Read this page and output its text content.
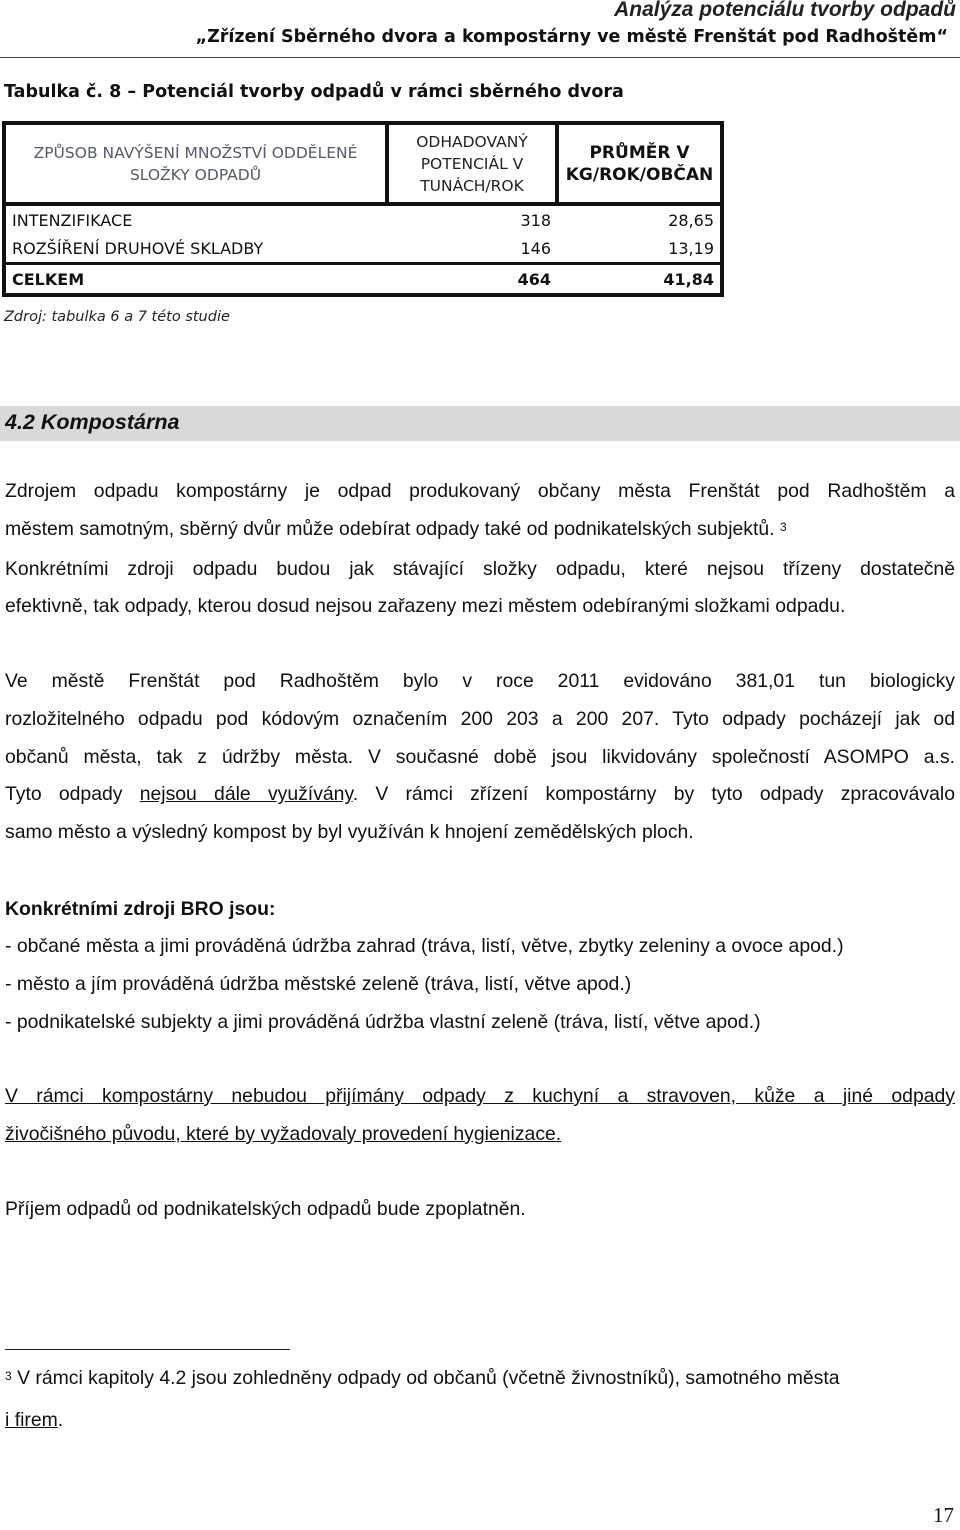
Analýza potenciálu tvorby odpadů
„Zřízení Sběrného dvora a kompostárny ve městě Frenštát pod Radhoštěm“
Tabulka č. 8 – Potenciál tvorby odpadů v rámci sběrného dvora
ZPŮSOB NAVÝŠENÍ MNOŽSTVÍ ODDĚLENÉ SLOŽKY ODPADŮ	ODHADOVANÝ POTENCIÁL V TUNÁCH/ROK	PRŮMĚR V KG/ROK/OBČAN
INTENZIFIKACE	318	28,65
ROZŠÍŘENÍ DRUHOVÉ SKLADBY	146	13,19
CELKEM	464	41,84
Zdroj: tabulka 6 a 7 této studie
4.2 Kompostárna
Zdrojem odpadu kompostárny je odpad produkovaný občany města Frenštát pod Radhoštěm a
městem samotným, sběrný dvůr může odebírat odpady také od podnikatelských subjektů. $^3$
Konkrétními zdroji odpadu budou jak stávající složky odpadu, které nejsou třízeny dostatečně
efektivně, tak odpady, kterou dosud nejsou zařazeny mezi městem odebíranými složkami odpadu.
Ve městě Frenštát pod Radhoštěm bylo v roce 2011 evidováno 381,01 tun biologicky
rozložitelného odpadu pod kódovým označením 200 203 a 200 207. Tyto odpady pocházejí jak od
občanů města, tak z údržby města. V současné době jsou likvidovány společností ASOMPO a.s.
Tyto odpady nejsou dále využívány. V rámci zřízení kompostárny by tyto odpady zpracovávalo
samo město a výsledný kompost by byl využíván k hnojení zemědělských ploch.
Konkrétními zdroji BRO jsou:
- občané města a jimi prováděná údržba zahrad (tráva, listí, větve, zbytky zeleniny a ovoce apod.)
- město a jím prováděná údržba městské zeleně (tráva, listí, větve apod.)
- podnikatelské subjekty a jimi prováděná údržba vlastní zeleně (tráva, listí, větve apod.)
V rámci kompostárny nebudou přijímány odpady z kuchyní a stravoven, kůže a jiné odpady
živočišného původu, které by vyžadovaly provedení hygienizace.
Příjem odpadů od podnikatelských odpadů bude zpoplatněn.
$^3$ V rámci kapitoly 4.2 jsou zohledněny odpady od občanů (včetně živnostníků), samotného města
i firem.
17
